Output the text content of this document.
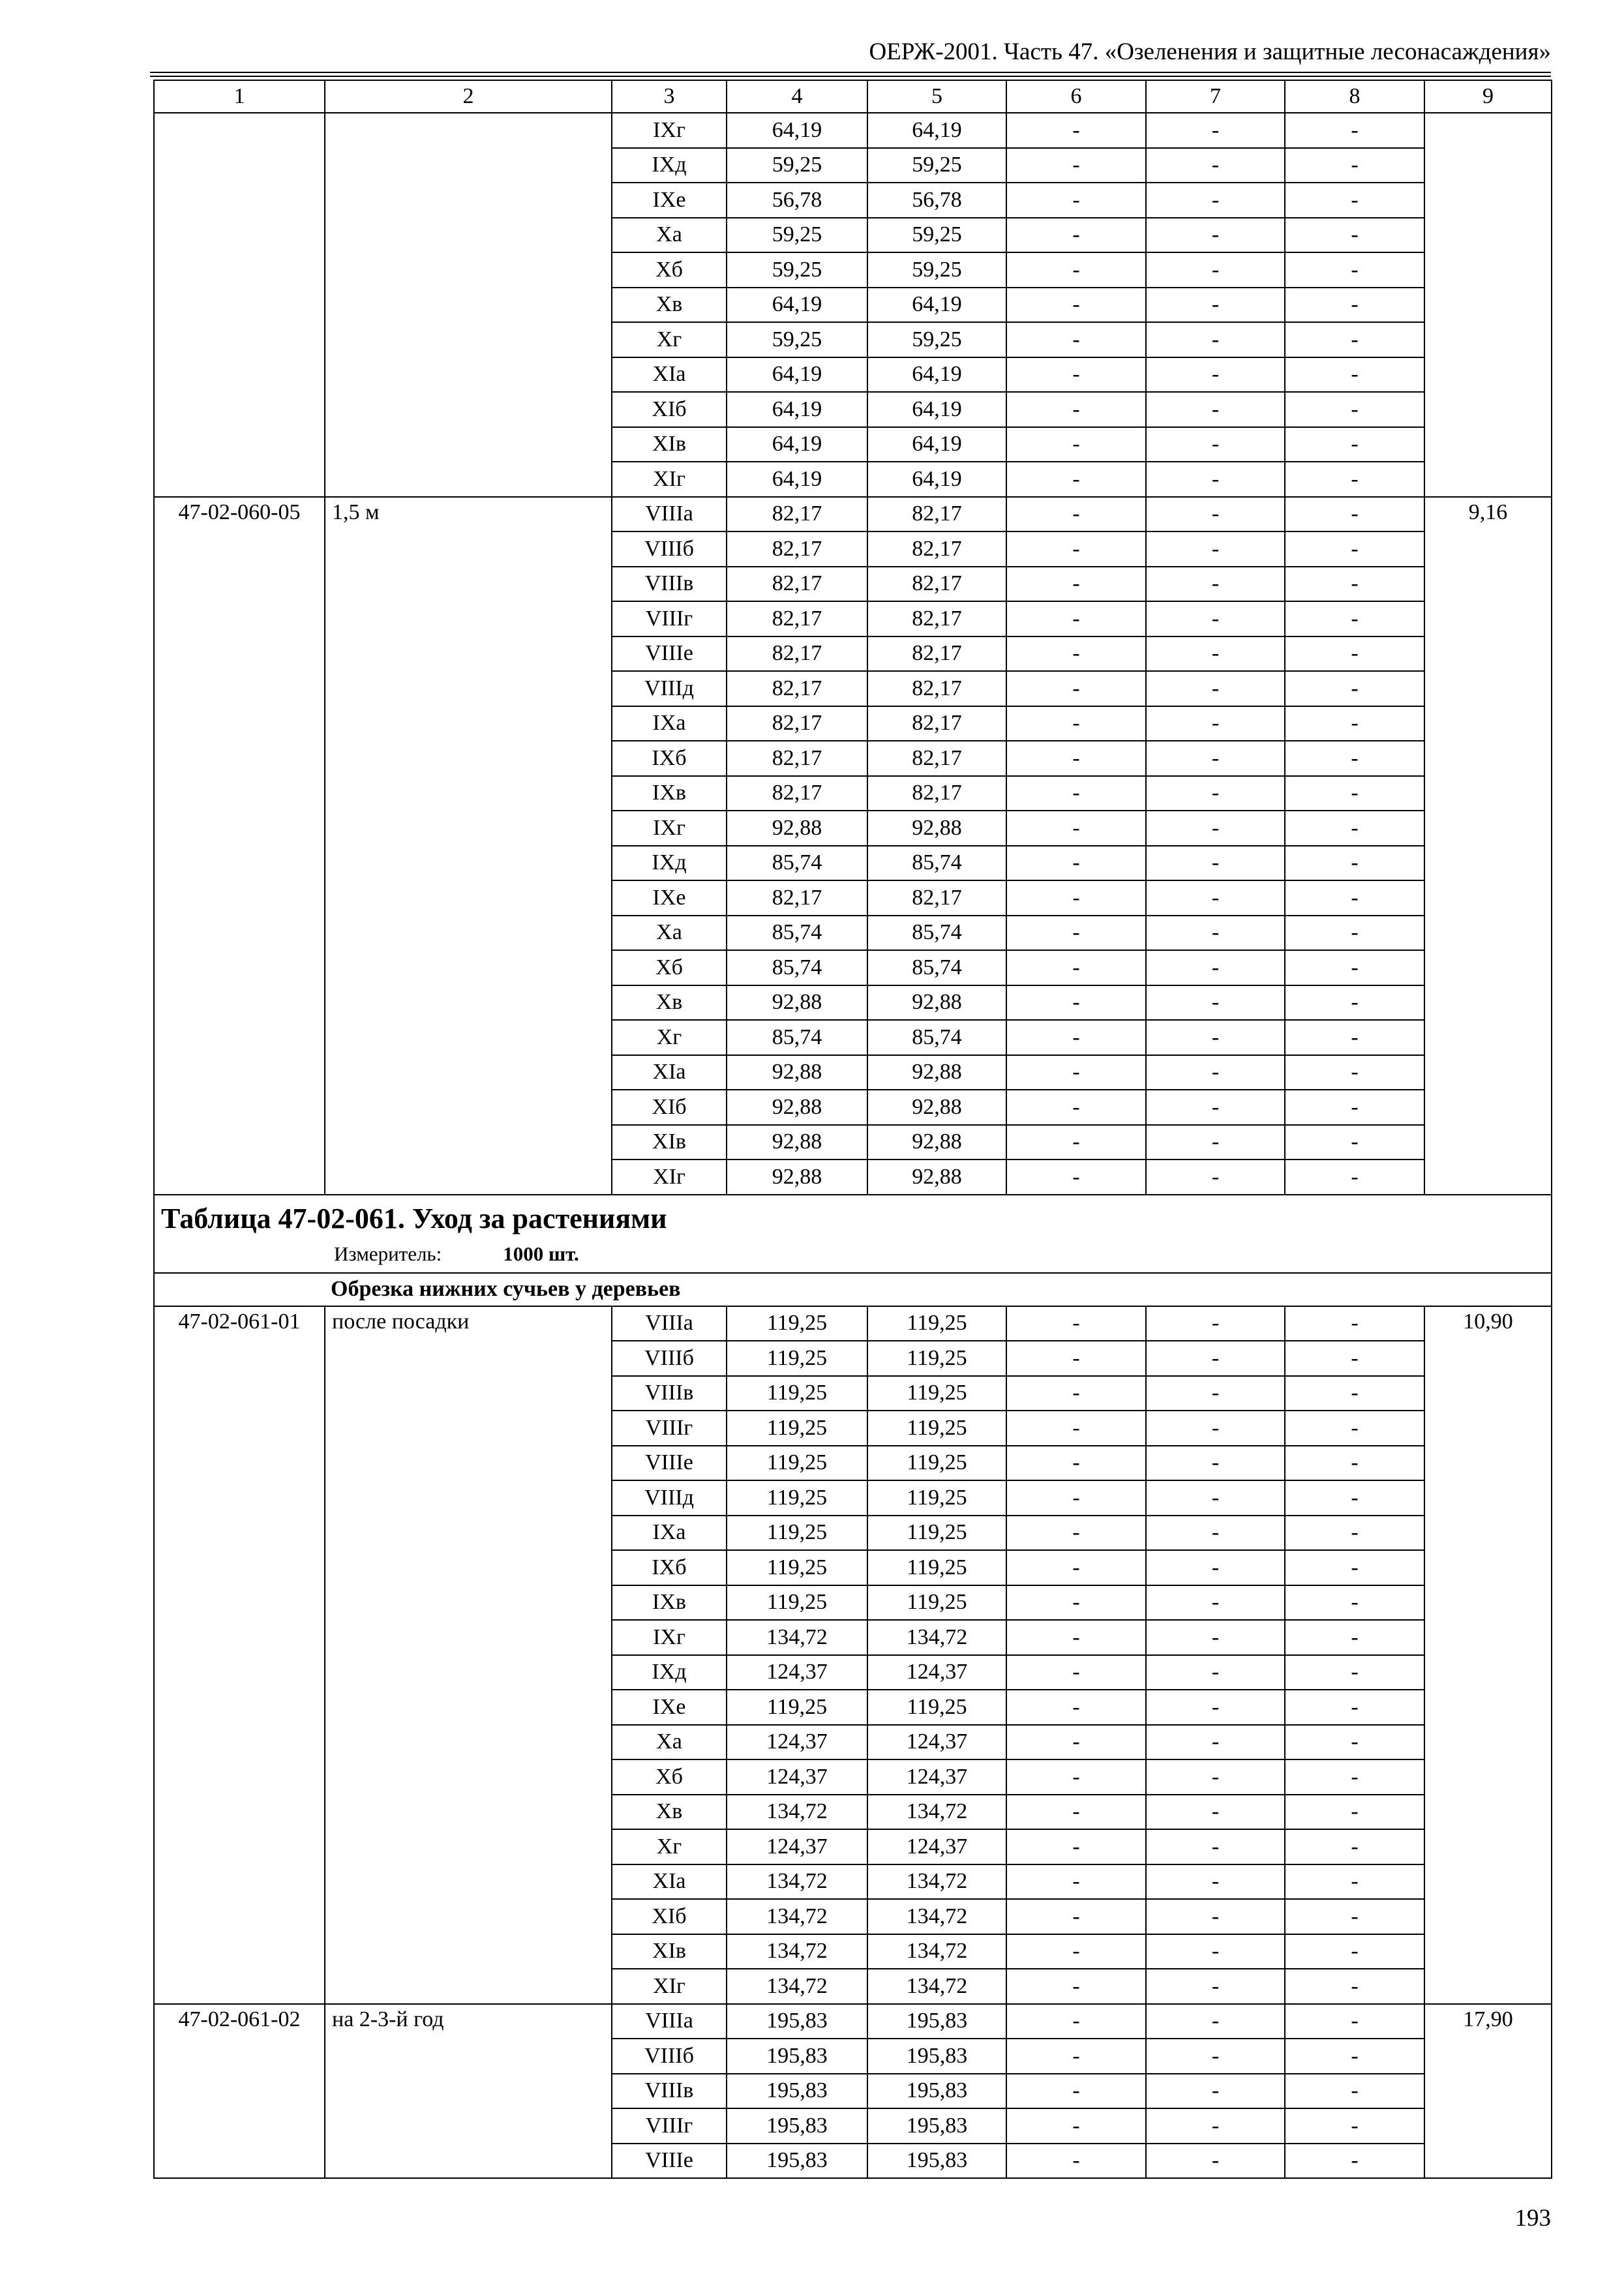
ОЕРЖ-2001. Часть 47. «Озеленения и защитные лесонасаждения»
1	2	3	4	5	6	7	8	9
		IXг	64,19	64,19	-	-	-	
		IXд	59,25	59,25	-	-	-	
		IXе	56,78	56,78	-	-	-	
		Xа	59,25	59,25	-	-	-	
		Xб	59,25	59,25	-	-	-	
		Xв	64,19	64,19	-	-	-	
		Xг	59,25	59,25	-	-	-	
		XIа	64,19	64,19	-	-	-	
		XIб	64,19	64,19	-	-	-	
		XIв	64,19	64,19	-	-	-	
		XIг	64,19	64,19	-	-	-	
47-02-060-05	1,5 м	VIIIа	82,17	82,17	-	-	-	9,16
		VIIIб	82,17	82,17	-	-	-	
		VIIIв	82,17	82,17	-	-	-	
		VIIIг	82,17	82,17	-	-	-	
		VIIIе	82,17	82,17	-	-	-	
		VIIIд	82,17	82,17	-	-	-	
		IXа	82,17	82,17	-	-	-	
		IXб	82,17	82,17	-	-	-	
		IXв	82,17	82,17	-	-	-	
		IXг	92,88	92,88	-	-	-	
		IXд	85,74	85,74	-	-	-	
		IXе	82,17	82,17	-	-	-	
		Xа	85,74	85,74	-	-	-	
		Xб	85,74	85,74	-	-	-	
		Xв	92,88	92,88	-	-	-	
		Xг	85,74	85,74	-	-	-	
		XIа	92,88	92,88	-	-	-	
		XIб	92,88	92,88	-	-	-	
		XIв	92,88	92,88	-	-	-	
		XIг	92,88	92,88	-	-	-	

Таблица 47-02-061. Уход за растениями
Измеритель: 1000 шт.								

Обрезка нижних сучьев у деревьев								
47-02-061-01	после посадки	VIIIа	119,25	119,25	-	-	-	10,90
		VIIIб	119,25	119,25	-	-	-	
		VIIIв	119,25	119,25	-	-	-	
		VIIIг	119,25	119,25	-	-	-	
		VIIIе	119,25	119,25	-	-	-	
		VIIIд	119,25	119,25	-	-	-	
		IXа	119,25	119,25	-	-	-	
		IXб	119,25	119,25	-	-	-	
		IXв	119,25	119,25	-	-	-	
		IXг	134,72	134,72	-	-	-	
		IXд	124,37	124,37	-	-	-	
		IXе	119,25	119,25	-	-	-	
		Xа	124,37	124,37	-	-	-	
		Xб	124,37	124,37	-	-	-	
		Xв	134,72	134,72	-	-	-	
		Xг	124,37	124,37	-	-	-	
		XIа	134,72	134,72	-	-	-	
		XIб	134,72	134,72	-	-	-	
		XIв	134,72	134,72	-	-	-	
		XIг	134,72	134,72	-	-	-	
47-02-061-02	на 2-3-й год	VIIIа	195,83	195,83	-	-	-	17,90
		VIIIб	195,83	195,83	-	-	-	
		VIIIв	195,83	195,83	-	-	-	
		VIIIг	195,83	195,83	-	-	-	
		VIIIе	195,83	195,83	-	-	-	
193
